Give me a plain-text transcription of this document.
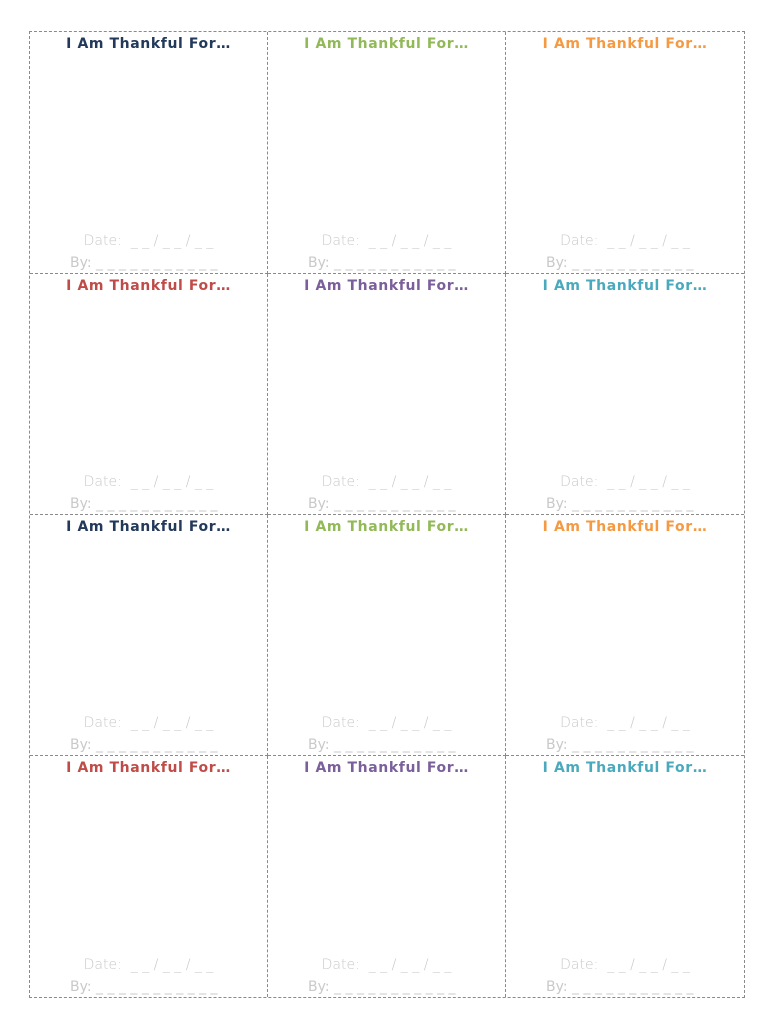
I Am Thankful For…
Date:  _ _ / _ _ / _ _
By: _ _ _ _ _ _ _ _ _ _ _
I Am Thankful For…
Date:  _ _ / _ _ / _ _
By: _ _ _ _ _ _ _ _ _ _ _
I Am Thankful For…
Date:  _ _ / _ _ / _ _
By: _ _ _ _ _ _ _ _ _ _ _
I Am Thankful For…
Date:  _ _ / _ _ / _ _
By: _ _ _ _ _ _ _ _ _ _ _
I Am Thankful For…
Date:  _ _ / _ _ / _ _
By: _ _ _ _ _ _ _ _ _ _ _
I Am Thankful For…
Date:  _ _ / _ _ / _ _
By: _ _ _ _ _ _ _ _ _ _ _
I Am Thankful For…
Date:  _ _ / _ _ / _ _
By: _ _ _ _ _ _ _ _ _ _ _
I Am Thankful For…
Date:  _ _ / _ _ / _ _
By: _ _ _ _ _ _ _ _ _ _ _
I Am Thankful For…
Date:  _ _ / _ _ / _ _
By: _ _ _ _ _ _ _ _ _ _ _
I Am Thankful For…
Date:  _ _ / _ _ / _ _
By: _ _ _ _ _ _ _ _ _ _ _
I Am Thankful For…
Date:  _ _ / _ _ / _ _
By: _ _ _ _ _ _ _ _ _ _ _
I Am Thankful For…
Date:  _ _ / _ _ / _ _
By: _ _ _ _ _ _ _ _ _ _ _
